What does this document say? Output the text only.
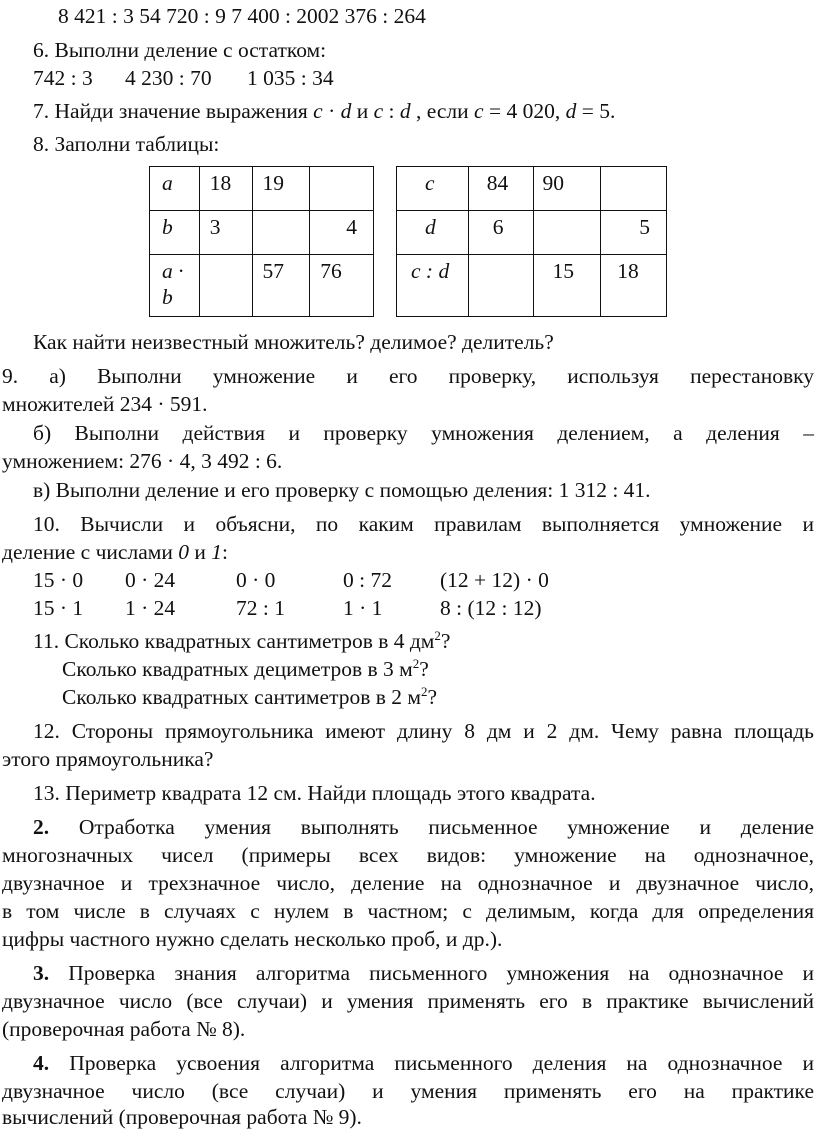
8 421 : 3 54 720 : 9 7 400 : 2002 376 : 264
6. Выполни деление с остатком:
742 : 3 4 230 : 70 1 035 : 34
7. Найди значение выражения c · d и c : d , если c = 4 020, d = 5.
8. Заполни таблицы:
a	18	19	
b	3		4

a · b		57	76
c	84	90	
d	6		5
c : d		15	18
Как найти неизвестный множитель? делимое? делитель?
9. а) Выполни умножение и его проверку, используя перестановку
множителей 234 · 591.
б) Выполни действия и проверку умножения делением, а деления –
умножением: 276 · 4, 3 492 : 6.
в) Выполни деление и его проверку с помощью деления: 1 312 : 41.
10. Вычисли и объясни, по каким правилам выполняется умножение и
деление с числами 0 и 1:
15 · 0 0 · 24	0 · 0	0 : 72 (12 + 12) · 0
15 · 1 1 · 24	72 : 1	1 · 1	8 : (12 : 12)
11. Сколько квадратных сантиметров в 4 $дм^2$?
Сколько квадратных дециметров в 3 $м^2$?
Сколько квадратных сантиметров в 2 $м^2$?
12. Стороны прямоугольника имеют длину 8 дм и 2 дм. Чему равна площадь
этого прямоугольника?
13. Периметр квадрата 12 см. Найди площадь этого квадрата.
2. Отработка умения выполнять письменное умножение и деление
многозначных чисел (примеры всех видов: умножение на однозначное,
двузначное и трехзначное число, деление на однозначное и двузначное число,
в том числе в случаях с нулем в частном; с делимым, когда для определения
цифры частного нужно сделать несколько проб, и др.).
3. Проверка знания алгоритма письменного умножения на однозначное и
двузначное число (все случаи) и умения применять его в практике вычислений
(проверочная работа № 8).
4. Проверка усвоения алгоритма письменного деления на однозначное и
двузначное число (все случаи) и умения применять его на практике
вычислений (проверочная работа № 9).
